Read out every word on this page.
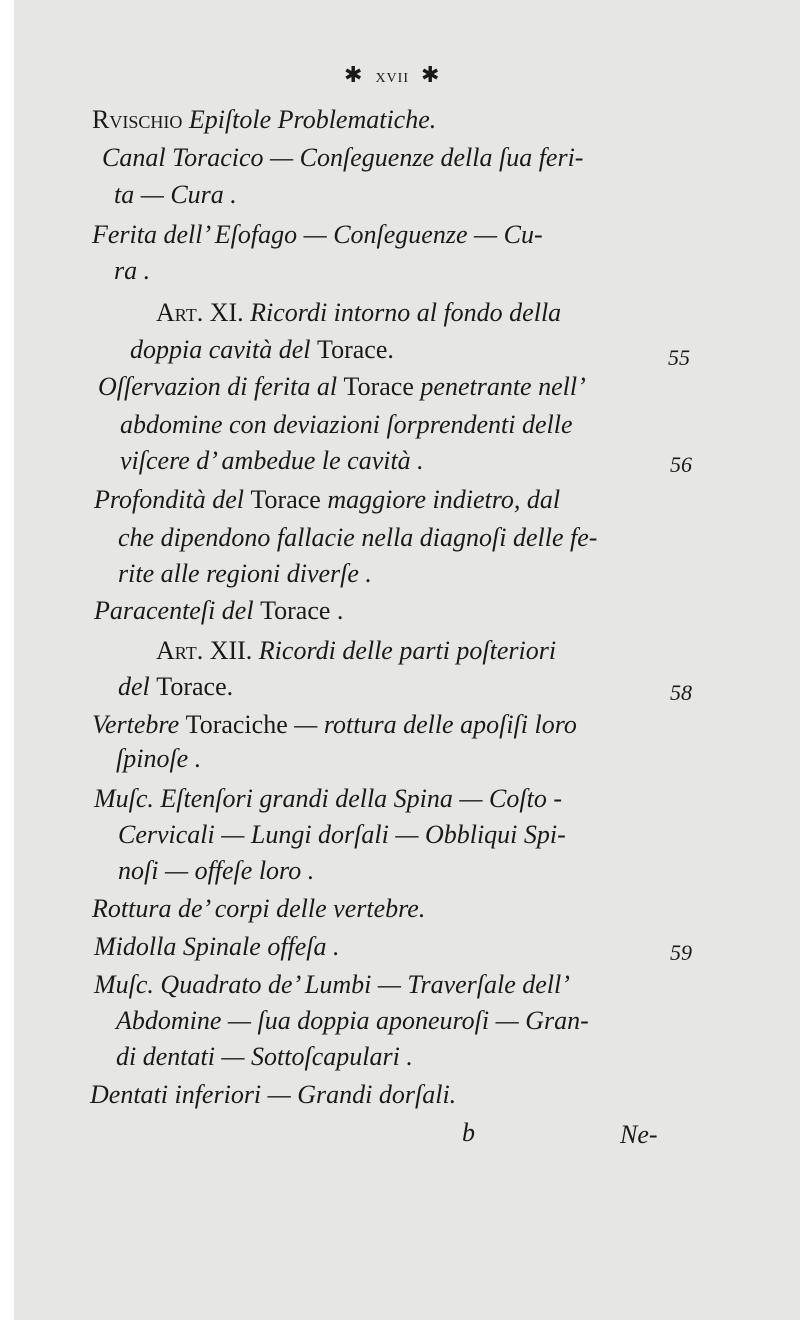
✱ xvii ✱
Rvischio Epiſtole Problematiche.
Canal Toracico — Conſeguenze della ſua feri-
ta — Cura .
Ferita dell’ Eſofago — Conſeguenze — Cu-
ra .
Art. XI. Ricordi intorno al fondo della
doppia cavità del Torace.	55
Oſſervazion di ferita al Torace penetrante nell’
abdomine con deviazioni ſorprendenti delle
viſcere d’ ambedue le cavità .	56
Profondità del Torace maggiore indietro, dal
che dipendono fallacie nella diagnoſi delle fe-
rite alle regioni diverſe .
Paracenteſi del Torace .
Art. XII. Ricordi delle parti poſteriori
del Torace.	58
Vertebre Toraciche — rottura delle apoſiſi loro
ſpinoſe .
Muſc. Eſtenſori grandi della Spina — Coſto -
Cervicali — Lungi dorſali — Obbliqui Spi-
noſi — offeſe loro .
Rottura de’ corpi delle vertebre.
Midolla Spinale offeſa .	59
Muſc. Quadrato de’ Lumbi — Traverſale dell’
Abdomine — ſua doppia aponeuroſi — Gran-
di dentati — Sottoſcapulari .
Dentati inferiori — Grandi dorſali.
b	Ne-
